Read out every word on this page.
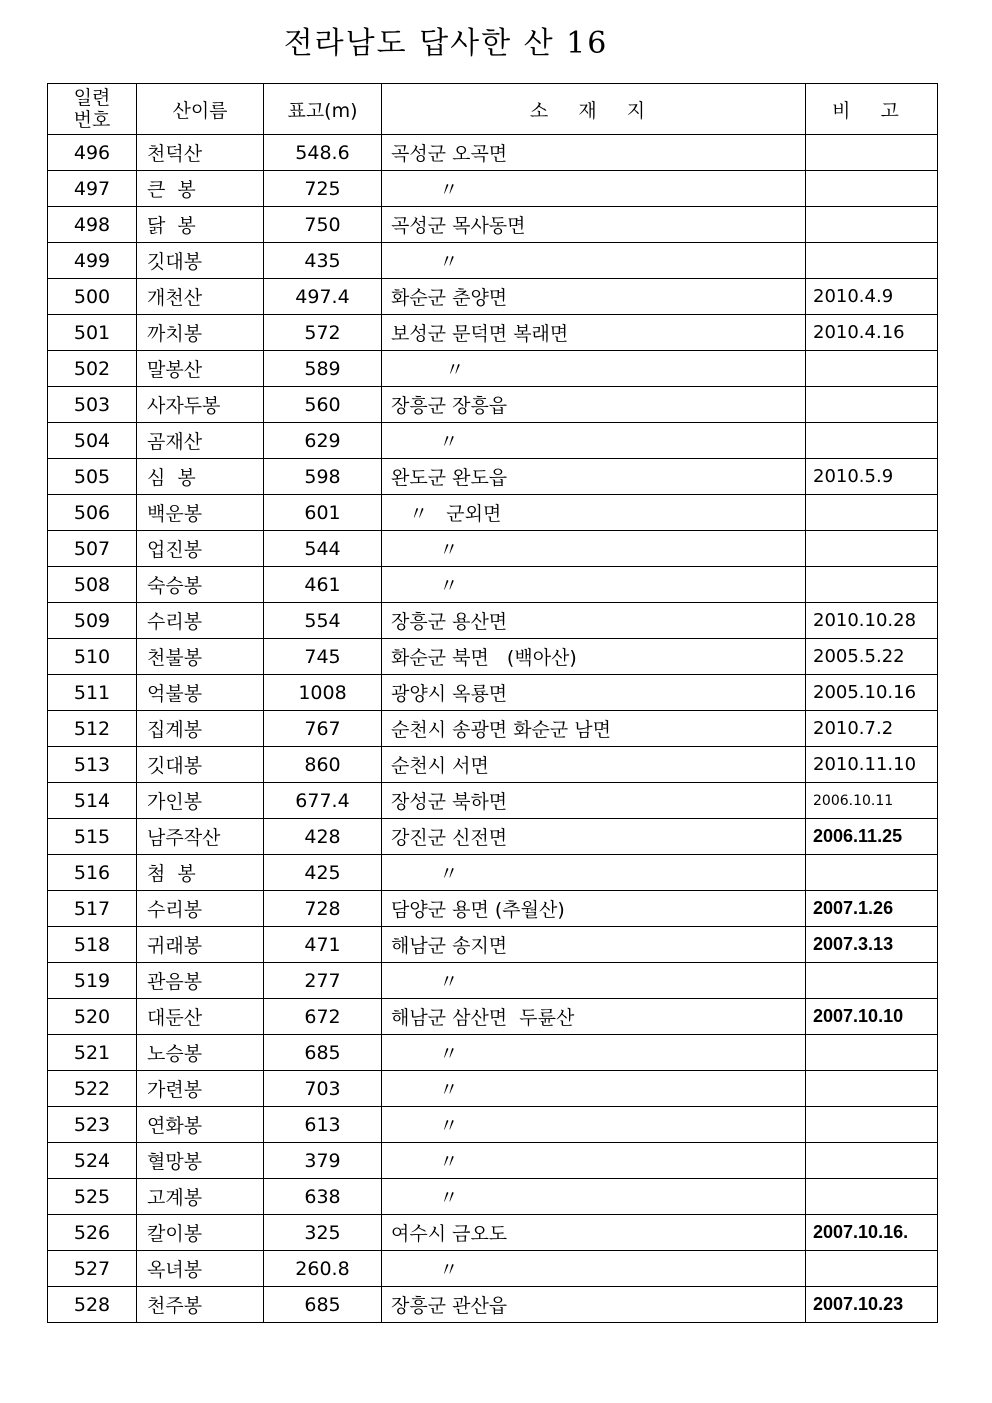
전라남도 답사한 산 16
일련번호	산이름	표고(m)	소 재 지	비 고
496	천덕산	548.6	곡성군 오곡면	
497	큰  봉	725	〃	
498	닭  봉	750	곡성군 목사동면	
499	깃대봉	435	〃	
500	개천산	497.4	화순군 춘양면	2010.4.9
501	까치봉	572	보성군 문덕면 복래면	2010.4.16
502	말봉산	589	〃	
503	사자두봉	560	장흥군 장흥읍	
504	곰재산	629	〃	
505	심  봉	598	완도군 완도읍	2010.5.9
506	백운봉	601	〃   군외면	
507	업진봉	544	〃	
508	숙승봉	461	〃	
509	수리봉	554	장흥군 용산면	2010.10.28
510	천불봉	745	화순군 북면   (백아산)	2005.5.22
511	억불봉	1008	광양시 옥룡면	2005.10.16
512	집계봉	767	순천시 송광면 화순군 남면	2010.7.2
513	깃대봉	860	순천시 서면	2010.11.10
514	가인봉	677.4	장성군 북하면	2006.10.11
515	남주작산	428	강진군 신전면	2006.11.25
516	첨  봉	425	〃	
517	수리봉	728	담양군 용면 (추월산)	2007.1.26
518	귀래봉	471	해남군 송지면	2007.3.13
519	관음봉	277	〃	
520	대둔산	672	해남군 삼산면  두륜산	2007.10.10
521	노승봉	685	〃	
522	가련봉	703	〃	
523	연화봉	613	〃	
524	혈망봉	379	〃	
525	고계봉	638	〃	
526	칼이봉	325	여수시 금오도	2007.10.16.
527	옥녀봉	260.8	〃	
528	천주봉	685	장흥군 관산읍	2007.10.23
